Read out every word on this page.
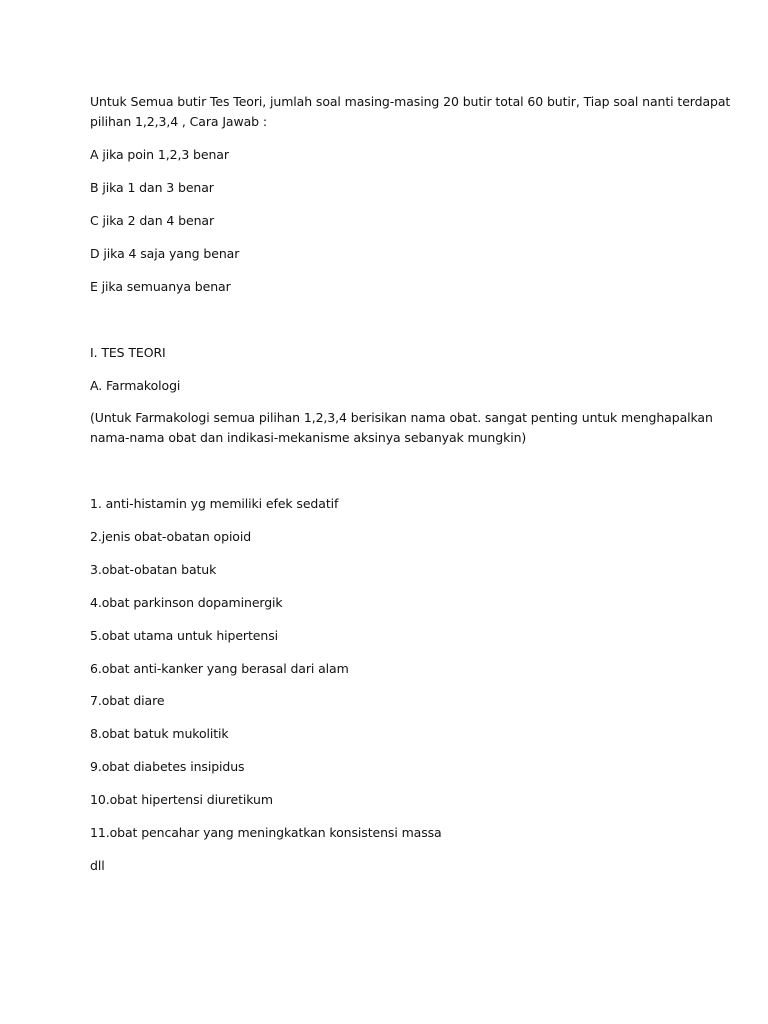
Untuk Semua butir Tes Teori, jumlah soal masing-masing 20 butir total 60 butir, Tiap soal nanti terdapat
pilihan 1,2,3,4 , Cara Jawab :
A jika poin 1,2,3 benar
B jika 1 dan 3 benar
C jika 2 dan 4 benar
D jika 4 saja yang benar
E jika semuanya benar
I. TES TEORI
A. Farmakologi
(Untuk Farmakologi semua pilihan 1,2,3,4 berisikan nama obat. sangat penting untuk menghapalkan
nama-nama obat dan indikasi-mekanisme aksinya sebanyak mungkin)
1. anti-histamin yg memiliki efek sedatif
2.jenis obat-obatan opioid
3.obat-obatan batuk
4.obat parkinson dopaminergik
5.obat utama untuk hipertensi
6.obat anti-kanker yang berasal dari alam
7.obat diare
8.obat batuk mukolitik
9.obat diabetes insipidus
10.obat hipertensi diuretikum
11.obat pencahar yang meningkatkan konsistensi massa
dll
